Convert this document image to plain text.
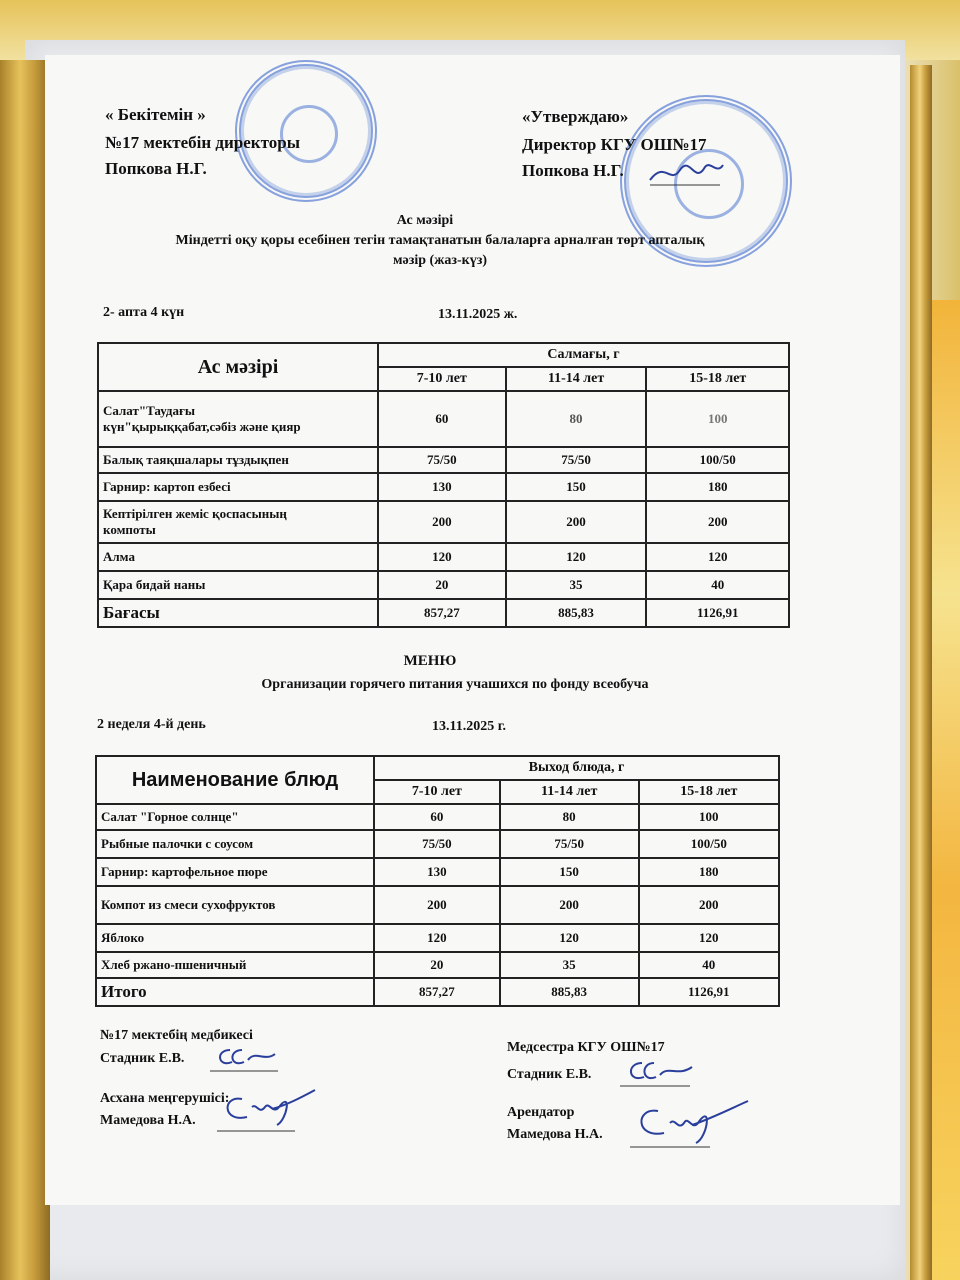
« Бекітемін »
№17 мектебін директоры
Попкова Н.Г.
«Утверждаю»
Директор КГУ ОШ№17
Попкова Н.Г.
Ас мәзірі
Міндетті оқу қоры есебінен тегін тамақтанатын балаларға арналған төрт апталық
мәзір (жаз-күз)
2- апта 4 күн	13.11.2025 ж.
Ас мәзірі	Салмағы, г		
	7-10 лет	11-14 лет	15-18 лет

Салат"Таудағы
күн"қырыққабат,сәбіз және қияр	60	80	100
Балық таяқшалары тұздықпен	75/50	75/50	100/50
Гарнир: картоп езбесі	130	150	180

Кептірілген жеміс қоспасының
компоты	200	200	200
Алма	120	120	120
Қара бидай наны	20	35	40
Бағасы	857,27	885,83	1126,91
МЕНЮ
Организации горячего питания учашихся по фонду всеобуча
2 неделя 4-й день	13.11.2025 г.
Наименование блюд	Выход блюда, г		
	7-10 лет	11-14 лет	15-18 лет
Салат "Горное солнце"	60	80	100
Рыбные палочки с соусом	75/50	75/50	100/50
Гарнир: картофельное пюре	130	150	180
Компот из смеси сухофруктов	200	200	200
Яблоко	120	120	120
Хлеб ржано-пшеничный	20	35	40
Итого	857,27	885,83	1126,91
№17 мектебің медбикесі
Стадник Е.В.
Асхана меңгерушісі:
Мамедова Н.А.
Медсестра КГУ ОШ№17
Стадник Е.В.
Арендатор
Мамедова Н.А.
